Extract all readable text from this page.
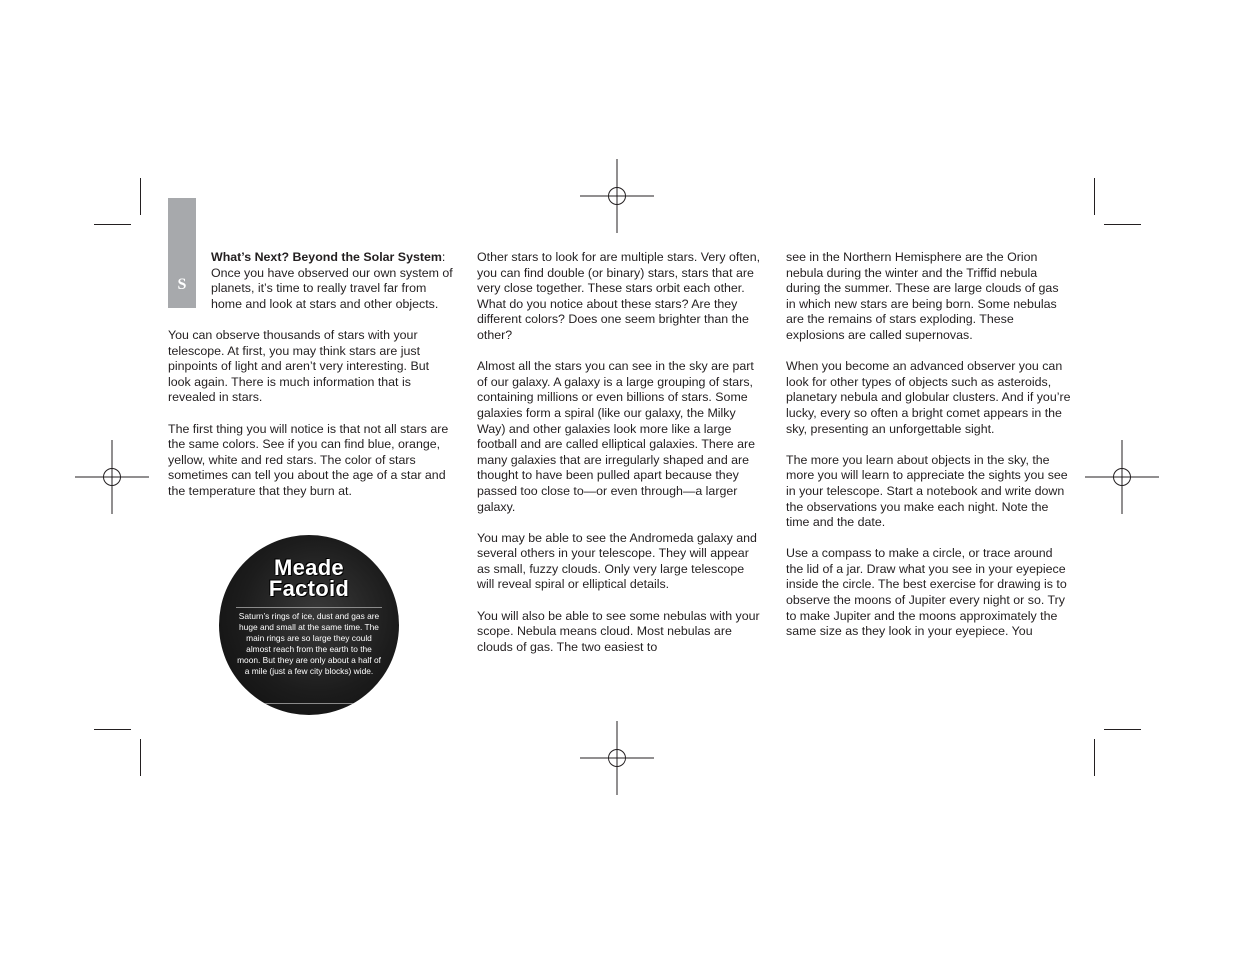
S

What’s Next? Beyond the Solar System: Once you have observed our own system of planets, it’s time to really travel far from home and look at stars and other objects.

You can observe thousands of stars with your telescope. At first, you may think stars are just pinpoints of light and aren’t very interesting. But look again. There is much information that is revealed in stars.

The first thing you will notice is that not all stars are the same colors. See if you can find blue, orange, yellow, white and red stars. The color of stars sometimes can tell you about the age of a star and the temperature that they burn at.

Meade
Factoid

Saturn’s rings of ice, dust and gas are huge and small at the same time. The main rings are so large they could almost reach from the earth to the moon. But they are only about a half of a mile (just a few city blocks) wide.

Other stars to look for are multiple stars. Very often, you can find double (or binary) stars, stars that are very close together. These stars orbit each other. What do you notice about these stars? Are they different colors? Does one seem brighter than the other?

Almost all the stars you can see in the sky are part of our galaxy. A galaxy is a large grouping of stars, containing millions or even billions of stars. Some galaxies form a spiral (like our galaxy, the Milky Way) and other galaxies look more like a large football and are called elliptical galaxies. There are many galaxies that are irregularly shaped and are thought to have been pulled apart because they passed too close to—or even through—a larger galaxy.

You may be able to see the Andromeda galaxy and several others in your telescope. They will appear as small, fuzzy clouds. Only very large telescope will reveal spiral or elliptical details.

You will also be able to see some nebulas with your scope. Nebula means cloud. Most nebulas are clouds of gas. The two easiest to

see in the Northern Hemisphere are the Orion nebula during the winter and the Triffid nebula during the summer. These are large clouds of gas in which new stars are being born. Some nebulas are the remains of stars exploding. These explosions are called supernovas.

When you become an advanced observer you can look for other types of objects such as asteroids, planetary nebula and globular clusters. And if you’re lucky, every so often a bright comet appears in the sky, presenting an unforgettable sight.

The more you learn about objects in the sky, the more you will learn to appreciate the sights you see in your telescope. Start a notebook and write down the observations you make each night. Note the time and the date.

Use a compass to make a circle, or trace around the lid of a jar. Draw what you see in your eyepiece inside the circle. The best exercise for drawing is to observe the moons of Jupiter every night or so. Try to make Jupiter and the moons approximately the same size as they look in your eyepiece. You
